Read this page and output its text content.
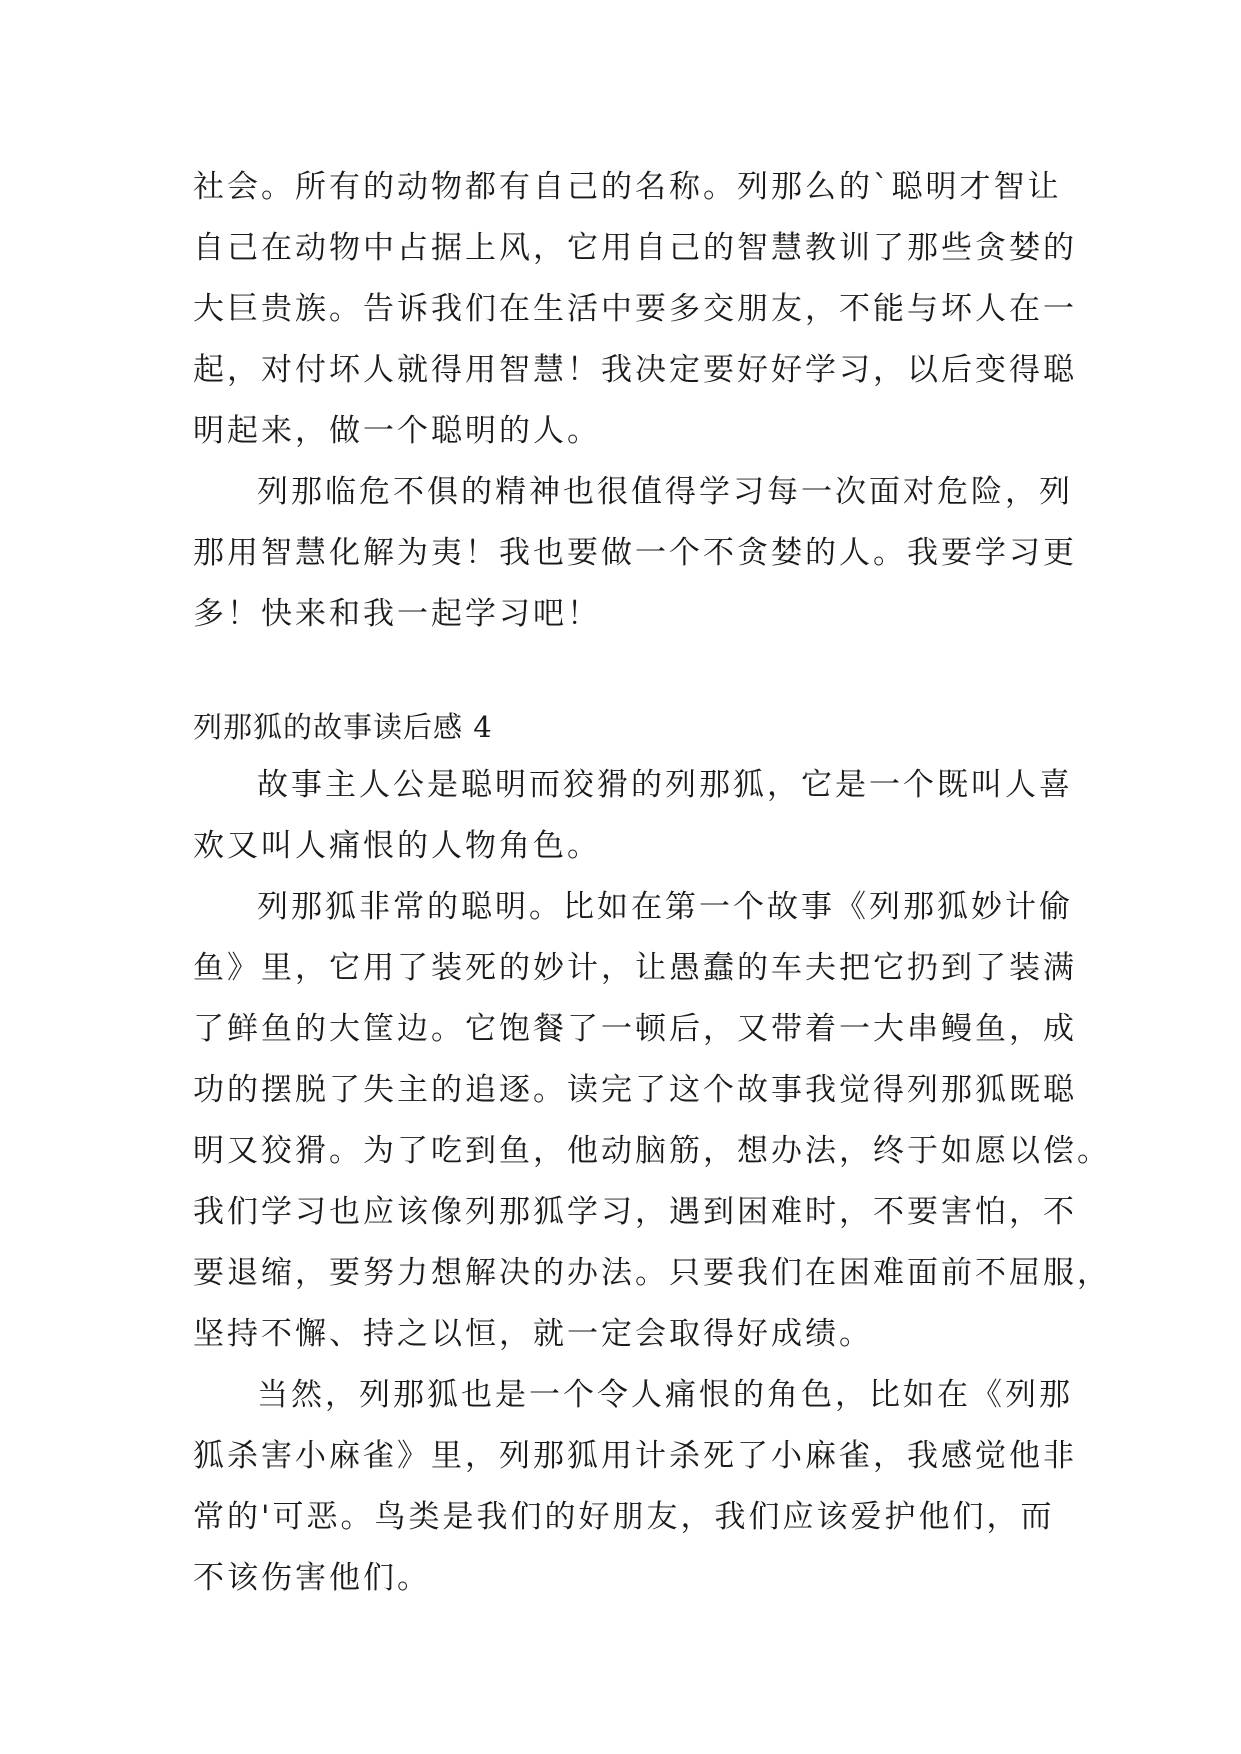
社会。所有的动物都有自己的名称。列那么的`聪明才智让
自己在动物中占据上风，它用自己的智慧教训了那些贪婪的
大巨贵族。告诉我们在生活中要多交朋友，不能与坏人在一
起，对付坏人就得用智慧！我决定要好好学习，以后变得聪
明起来，做一个聪明的人。
列那临危不俱的精神也很值得学习每一次面对危险，列
那用智慧化解为夷！我也要做一个不贪婪的人。我要学习更
多！快来和我一起学习吧！
列那狐的故事读后感 4
故事主人公是聪明而狡猾的列那狐，它是一个既叫人喜
欢又叫人痛恨的人物角色。
列那狐非常的聪明。比如在第一个故事《列那狐妙计偷
鱼》里，它用了装死的妙计，让愚蠢的车夫把它扔到了装满
了鲜鱼的大筐边。它饱餐了一顿后，又带着一大串鳗鱼，成
功的摆脱了失主的追逐。读完了这个故事我觉得列那狐既聪
明又狡猾。为了吃到鱼，他动脑筋，想办法，终于如愿以偿。
我们学习也应该像列那狐学习，遇到困难时，不要害怕，不
要退缩，要努力想解决的办法。只要我们在困难面前不屈服，
坚持不懈、持之以恒，就一定会取得好成绩。
当然，列那狐也是一个令人痛恨的角色，比如在《列那
狐杀害小麻雀》里，列那狐用计杀死了小麻雀，我感觉他非
常的'可恶。鸟类是我们的好朋友，我们应该爱护他们，而
不该伤害他们。
